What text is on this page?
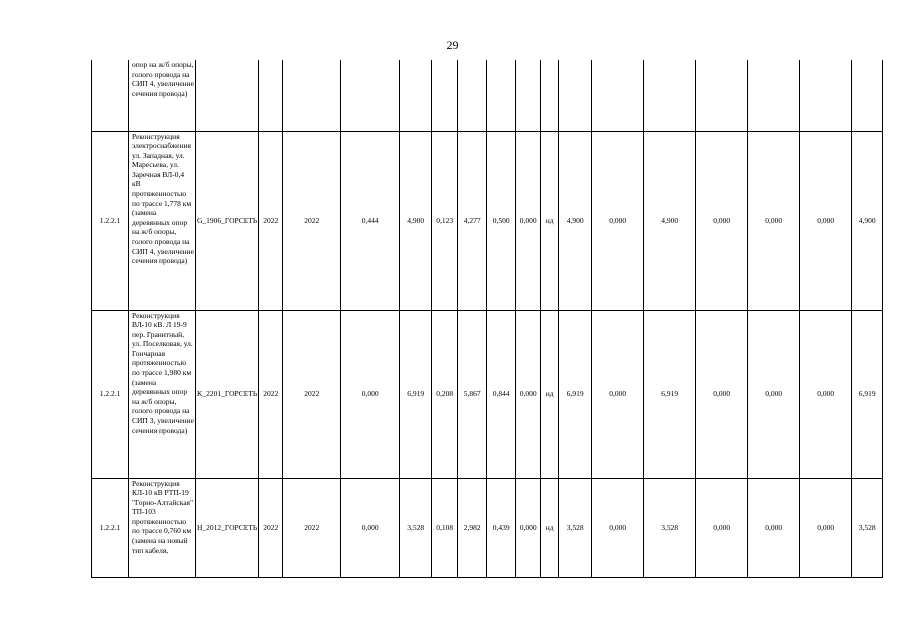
29
	опор на ж/б опоры, голого провода на СИП 4, увеличение сечения провода)																	
1.2.2.1	Реконструкция электроснабжения ул. Западная, ул. Маресьева, ул. Заречная ВЛ-0,4 кВ протяженностью по трассе 1,778 км (замена деревянных опор на ж/б опоры, голого провода на СИП 4, увеличение сечения провода)	G_1906_ГОРСЕТЬ	2022	2022	0,444	4,900	0,123	4,277	0,500	0,000	нд	4,900	0,000	4,900	0,000	0,000	0,000	4,900
1.2.2.1	Реконструкция ВЛ-10 кВ. Л 19-9 пер. Гранитный, ул. Поселковая, ул. Гончарная протяженностью по трассе 1,980 км (замена деревянных опор на ж/б опоры, голого провода на СИП 3, увеличение сечения провода)	K_2201_ГОРСЕТЬ	2022	2022	0,000	6,919	0,208	5,867	0,844	0,000	нд	6,919	0,000	6,919	0,000	0,000	0,000	6,919
1.2.2.1	Реконструкция КЛ-10 кВ РТП-19 "Горно-Алтайская" ТП-103 протяженностью по трассе 0,760 км (замена на новый тип кабеля,	H_2012_ГОРСЕТЬ	2022	2022	0,000	3,528	0,108	2,982	0,439	0,000	нд	3,528	0,000	3,528	0,000	0,000	0,000	3,528
